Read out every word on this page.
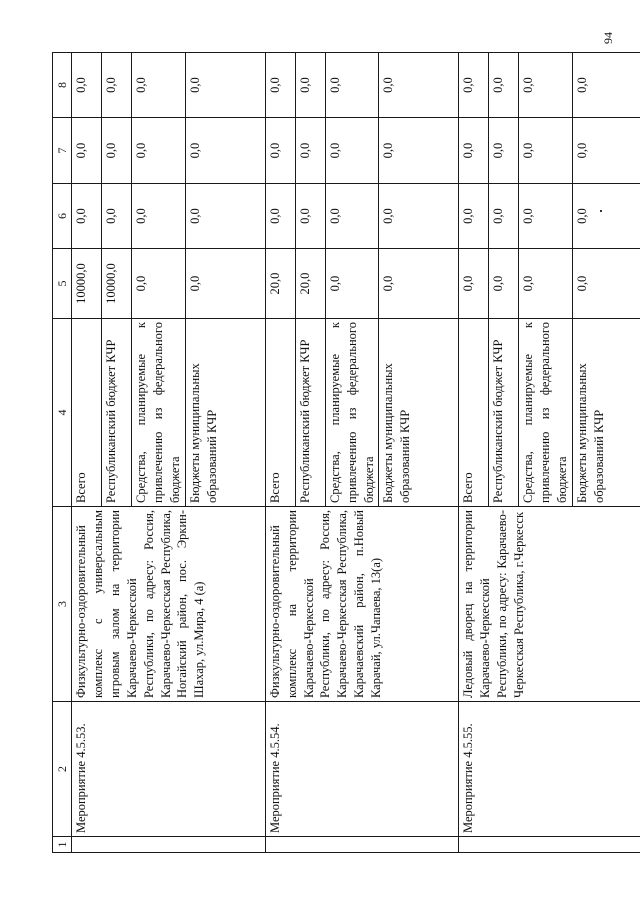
94
1	2	3	4	5	6	7	8
	Мероприятие 4.5.53.	Физкультурно-оздоровительный комплекс с универсальным игровым залом на территории Карачаево-Черкесской Республики, по адресу: Россия, Карачаево-Черкесская Республика, Ногайский район, пос. Эркин-Шахар, ул.Мира, 4 (а)	Всего	10000,0	0,0	0,0	0,0
			Республиканский бюджет КЧР	10000,0	0,0	0,0	0,0
			Средства, планируемые к привлечению из федерального бюджета	0,0	0,0	0,0	0,0
			Бюджеты муниципальных образований КЧР	0,0	0,0	0,0	0,0
	Мероприятие 4.5.54.	Физкультурно-оздоровительный комплекс на территории Карачаево-Черкесской Республики, по адресу: Россия, Карачаево-Черкесская Республика, Карачаевский район, п.Новый Карачай, ул.Чапаева, 13(а)	Всего	20,0	0,0	0,0	0,0
			Республиканский бюджет КЧР	20,0	0,0	0,0	0,0
			Средства, планируемые к привлечению из федерального бюджета	0,0	0,0	0,0	0,0
			Бюджеты муниципальных образований КЧР	0,0	0,0	0,0	0,0
	Мероприятие 4.5.55.	Ледовый дворец на территории Карачаево-Черкесской Республики, по адресу: Карачаево-Черкесская Республика, г.Черкесск	Всего	0,0	0,0	0,0	0,0
			Республиканский бюджет КЧР	0,0	0,0	0,0	0,0
			Средства, планируемые к привлечению из федерального бюджета	0,0	0,0	0,0	0,0
			Бюджеты муниципальных образований КЧР	0,0	0,0	0,0	0,0
